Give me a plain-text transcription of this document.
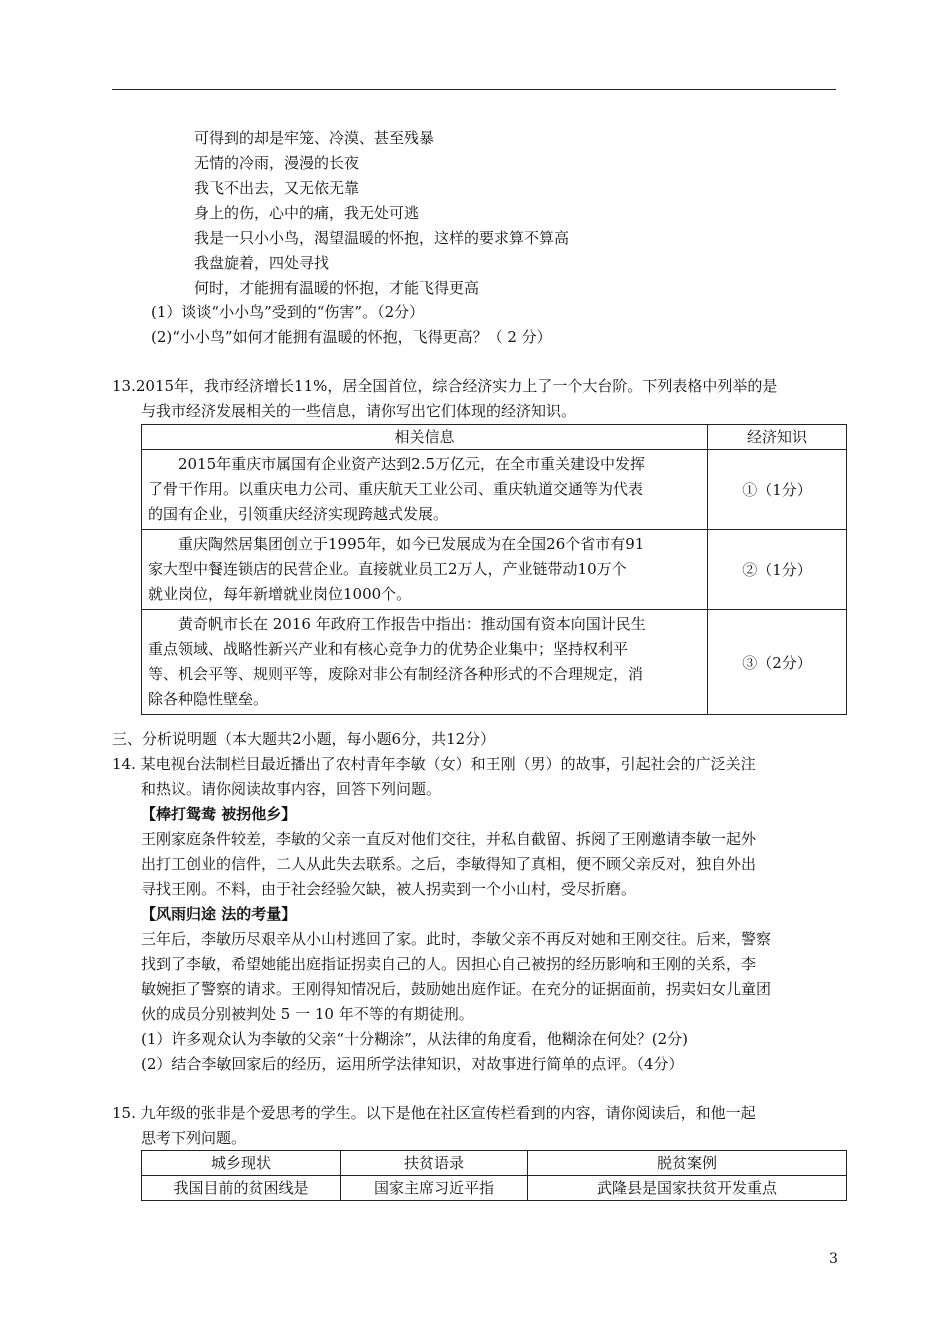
可得到的却是牢笼、冷漠、甚至残暴
无情的冷雨，漫漫的长夜
我飞不出去，又无依无靠
身上的伤，心中的痛，我无处可逃
我是一只小小鸟，渴望温暖的怀抱，这样的要求算不算高
我盘旋着，四处寻找
何时，才能拥有温暖的怀抱，才能飞得更高
(1）谈谈“小小鸟”受到的“伤害”。（2分）
(2)“小小鸟”如何才能拥有温暖的怀抱，飞得更高？（ 2 分）
13.2015年，我市经济增长11%，居全国首位，综合经济实力上了一个大台阶。下列表格中列举的是
与我市经济发展相关的一些信息，请你写出它们体现的经济知识。
相关信息	经济知识

2015年重庆市属国有企业资产达到2.5万亿元，在全市重关建设中发挥
了骨干作用。以重庆电力公司、重庆航天工业公司、重庆轨道交通等为代表
的国有企业，引领重庆经济实现跨越式发展。	①（1分）

重庆陶然居集团创立于1995年，如今已发展成为在全国26个省市有91
家大型中餐连锁店的民营企业。直接就业员工2万人，产业链带动10万个
就业岗位，每年新增就业岗位1000个。	②（1分）

黄奇帆市长在 2016 年政府工作报告中指出：推动国有资本向国计民生
重点领域、战略性新兴产业和有核心竞争力的优势企业集中；坚持权利平
等、机会平等、规则平等，废除对非公有制经济各种形式的不合理规定，消
除各种隐性壁垒。	③（2分）
三、分析说明题（本大题共2小题，每小题6分，共12分）
14. 某电视台法制栏目最近播出了农村青年李敏（女）和王刚（男）的故事，引起社会的广泛关注
和热议。请你阅读故事内容，回答下列问题。
【棒打鸳鸯 被拐他乡】
王刚家庭条件较差，李敏的父亲一直反对他们交往，并私自截留、拆阅了王刚邀请李敏一起外
出打工创业的信件，二人从此失去联系。之后，李敏得知了真相，便不顾父亲反对，独自外出
寻找王刚。不料，由于社会经验欠缺，被人拐卖到一个小山村，受尽折磨。
【风雨归途 法的考量】
三年后，李敏历尽艰辛从小山村逃回了家。此时，李敏父亲不再反对她和王刚交往。后来，警察
找到了李敏，希望她能出庭指证拐卖自己的人。因担心自己被拐的经历影响和王刚的关系，李
敏婉拒了警察的请求。王刚得知情况后，鼓励她出庭作证。在充分的证据面前，拐卖妇女儿童团
伙的成员分别被判处 5 一 10 年不等的有期徒刑。
(1）许多观众认为李敏的父亲“十分糊涂”，从法律的角度看，他糊涂在何处？(2分)
(2）结合李敏回家后的经历，运用所学法律知识，对故事进行简单的点评。（4分）
15. 九年级的张非是个爱思考的学生。以下是他在社区宣传栏看到的内容，请你阅读后，和他一起
思考下列问题。
城乡现状	扶贫语录	脱贫案例
我国目前的贫困线是	国家主席习近平指	武隆县是国家扶贫开发重点
3
